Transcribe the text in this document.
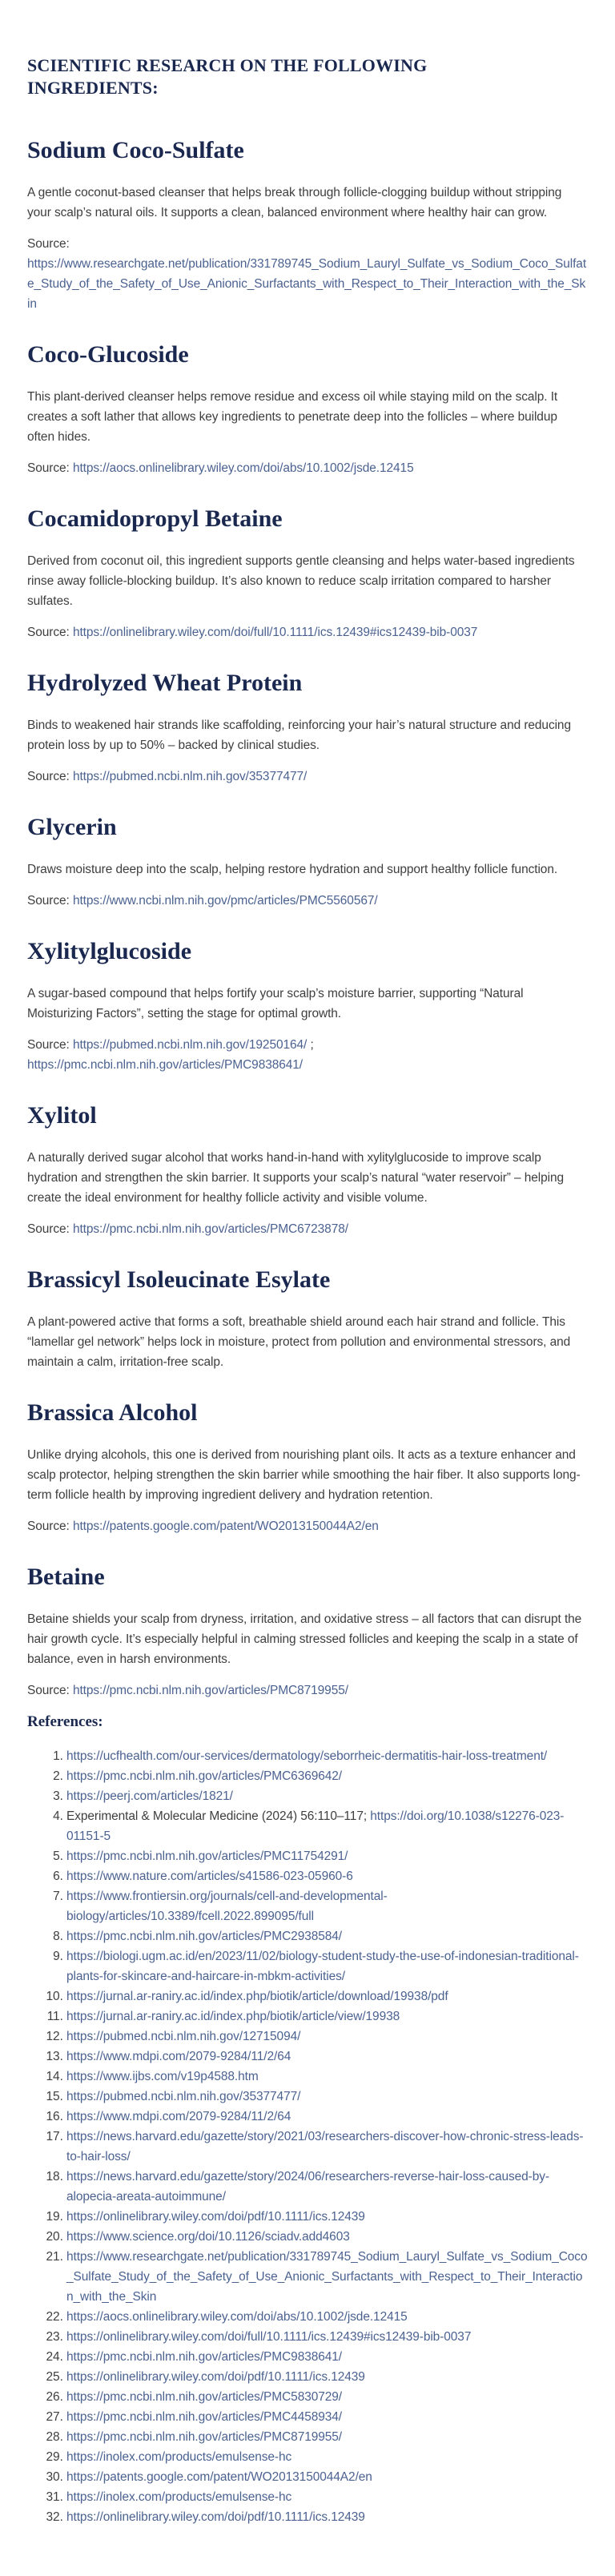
SCIENTIFIC RESEARCH ON THE FOLLOWING
INGREDIENTS:
Sodium Coco-Sulfate

A gentle coconut-based cleanser that helps break through follicle-clogging buildup without stripping your scalp’s natural oils. It supports a clean, balanced environment where healthy hair can grow.

Source:
https://www.researchgate.net/publication/331789745_Sodium_Lauryl_Sulfate_vs_Sodium_Coco_Sulfate_Study_of_the_Safety_of_Use_Anionic_Surfactants_with_Respect_to_Their_Interaction_with_the_Skin

Coco-Glucoside

This plant-derived cleanser helps remove residue and excess oil while staying mild on the scalp. It creates a soft lather that allows key ingredients to penetrate deep into the follicles – where buildup often hides.

Source: https://aocs.onlinelibrary.wiley.com/doi/abs/10.1002/jsde.12415

Cocamidopropyl Betaine

Derived from coconut oil, this ingredient supports gentle cleansing and helps water-based ingredients rinse away follicle-blocking buildup. It’s also known to reduce scalp irritation compared to harsher sulfates.

Source: https://onlinelibrary.wiley.com/doi/full/10.1111/ics.12439#ics12439-bib-0037

Hydrolyzed Wheat Protein

Binds to weakened hair strands like scaffolding, reinforcing your hair’s natural structure and reducing protein loss by up to 50% – backed by clinical studies.

Source: https://pubmed.ncbi.nlm.nih.gov/35377477/

Glycerin

Draws moisture deep into the scalp, helping restore hydration and support healthy follicle function.

Source: https://www.ncbi.nlm.nih.gov/pmc/articles/PMC5560567/

Xylitylglucoside

A sugar-based compound that helps fortify your scalp’s moisture barrier, supporting “Natural Moisturizing Factors”, setting the stage for optimal growth.

Source: https://pubmed.ncbi.nlm.nih.gov/19250164/ ;
https://pmc.ncbi.nlm.nih.gov/articles/PMC9838641/

Xylitol

A naturally derived sugar alcohol that works hand-in-hand with xylitylglucoside to improve scalp hydration and strengthen the skin barrier. It supports your scalp’s natural “water reservoir” – helping create the ideal environment for healthy follicle activity and visible volume.

Source: https://pmc.ncbi.nlm.nih.gov/articles/PMC6723878/

Brassicyl Isoleucinate Esylate

A plant-powered active that forms a soft, breathable shield around each hair strand and follicle. This “lamellar gel network” helps lock in moisture, protect from pollution and environmental stressors, and maintain a calm, irritation-free scalp.

Brassica Alcohol

Unlike drying alcohols, this one is derived from nourishing plant oils. It acts as a texture enhancer and scalp protector, helping strengthen the skin barrier while smoothing the hair fiber. It also supports long-term follicle health by improving ingredient delivery and hydration retention.

Source: https://patents.google.com/patent/WO2013150044A2/en

Betaine

Betaine shields your scalp from dryness, irritation, and oxidative stress – all factors that can disrupt the hair growth cycle. It’s especially helpful in calming stressed follicles and keeping the scalp in a state of balance, even in harsh environments.

Source: https://pmc.ncbi.nlm.nih.gov/articles/PMC8719955/

References:
1. https://ucfhealth.com/our-services/dermatology/seborrheic-dermatitis-hair-loss-treatment/
2. https://pmc.ncbi.nlm.nih.gov/articles/PMC6369642/
3. https://peerj.com/articles/1821/
4. Experimental & Molecular Medicine (2024) 56:110–117; https://doi.org/10.1038/s12276-023-01151-5
5. https://pmc.ncbi.nlm.nih.gov/articles/PMC11754291/
6. https://www.nature.com/articles/s41586-023-05960-6
7. https://www.frontiersin.org/journals/cell-and-developmental-biology/articles/10.3389/fcell.2022.899095/full
8. https://pmc.ncbi.nlm.nih.gov/articles/PMC2938584/
9. https://biologi.ugm.ac.id/en/2023/11/02/biology-student-study-the-use-of-indonesian-traditional-plants-for-skincare-and-haircare-in-mbkm-activities/
10. https://jurnal.ar-raniry.ac.id/index.php/biotik/article/download/19938/pdf
11. https://jurnal.ar-raniry.ac.id/index.php/biotik/article/view/19938
12. https://pubmed.ncbi.nlm.nih.gov/12715094/
13. https://www.mdpi.com/2079-9284/11/2/64
14. https://www.ijbs.com/v19p4588.htm
15. https://pubmed.ncbi.nlm.nih.gov/35377477/
16. https://www.mdpi.com/2079-9284/11/2/64
17. https://news.harvard.edu/gazette/story/2021/03/researchers-discover-how-chronic-stress-leads-to-hair-loss/
18. https://news.harvard.edu/gazette/story/2024/06/researchers-reverse-hair-loss-caused-by-alopecia-areata-autoimmune/
19. https://onlinelibrary.wiley.com/doi/pdf/10.1111/ics.12439
20. https://www.science.org/doi/10.1126/sciadv.add4603
21. https://www.researchgate.net/publication/331789745_Sodium_Lauryl_Sulfate_vs_Sodium_Coco_Sulfate_Study_of_the_Safety_of_Use_Anionic_Surfactants_with_Respect_to_Their_Interaction_with_the_Skin
22. https://aocs.onlinelibrary.wiley.com/doi/abs/10.1002/jsde.12415
23. https://onlinelibrary.wiley.com/doi/full/10.1111/ics.12439#ics12439-bib-0037
24. https://pmc.ncbi.nlm.nih.gov/articles/PMC9838641/
25. https://onlinelibrary.wiley.com/doi/pdf/10.1111/ics.12439
26. https://pmc.ncbi.nlm.nih.gov/articles/PMC5830729/
27. https://pmc.ncbi.nlm.nih.gov/articles/PMC4458934/
28. https://pmc.ncbi.nlm.nih.gov/articles/PMC8719955/
29. https://inolex.com/products/emulsense-hc
30. https://patents.google.com/patent/WO2013150044A2/en
31. https://inolex.com/products/emulsense-hc
32. https://onlinelibrary.wiley.com/doi/pdf/10.1111/ics.12439
